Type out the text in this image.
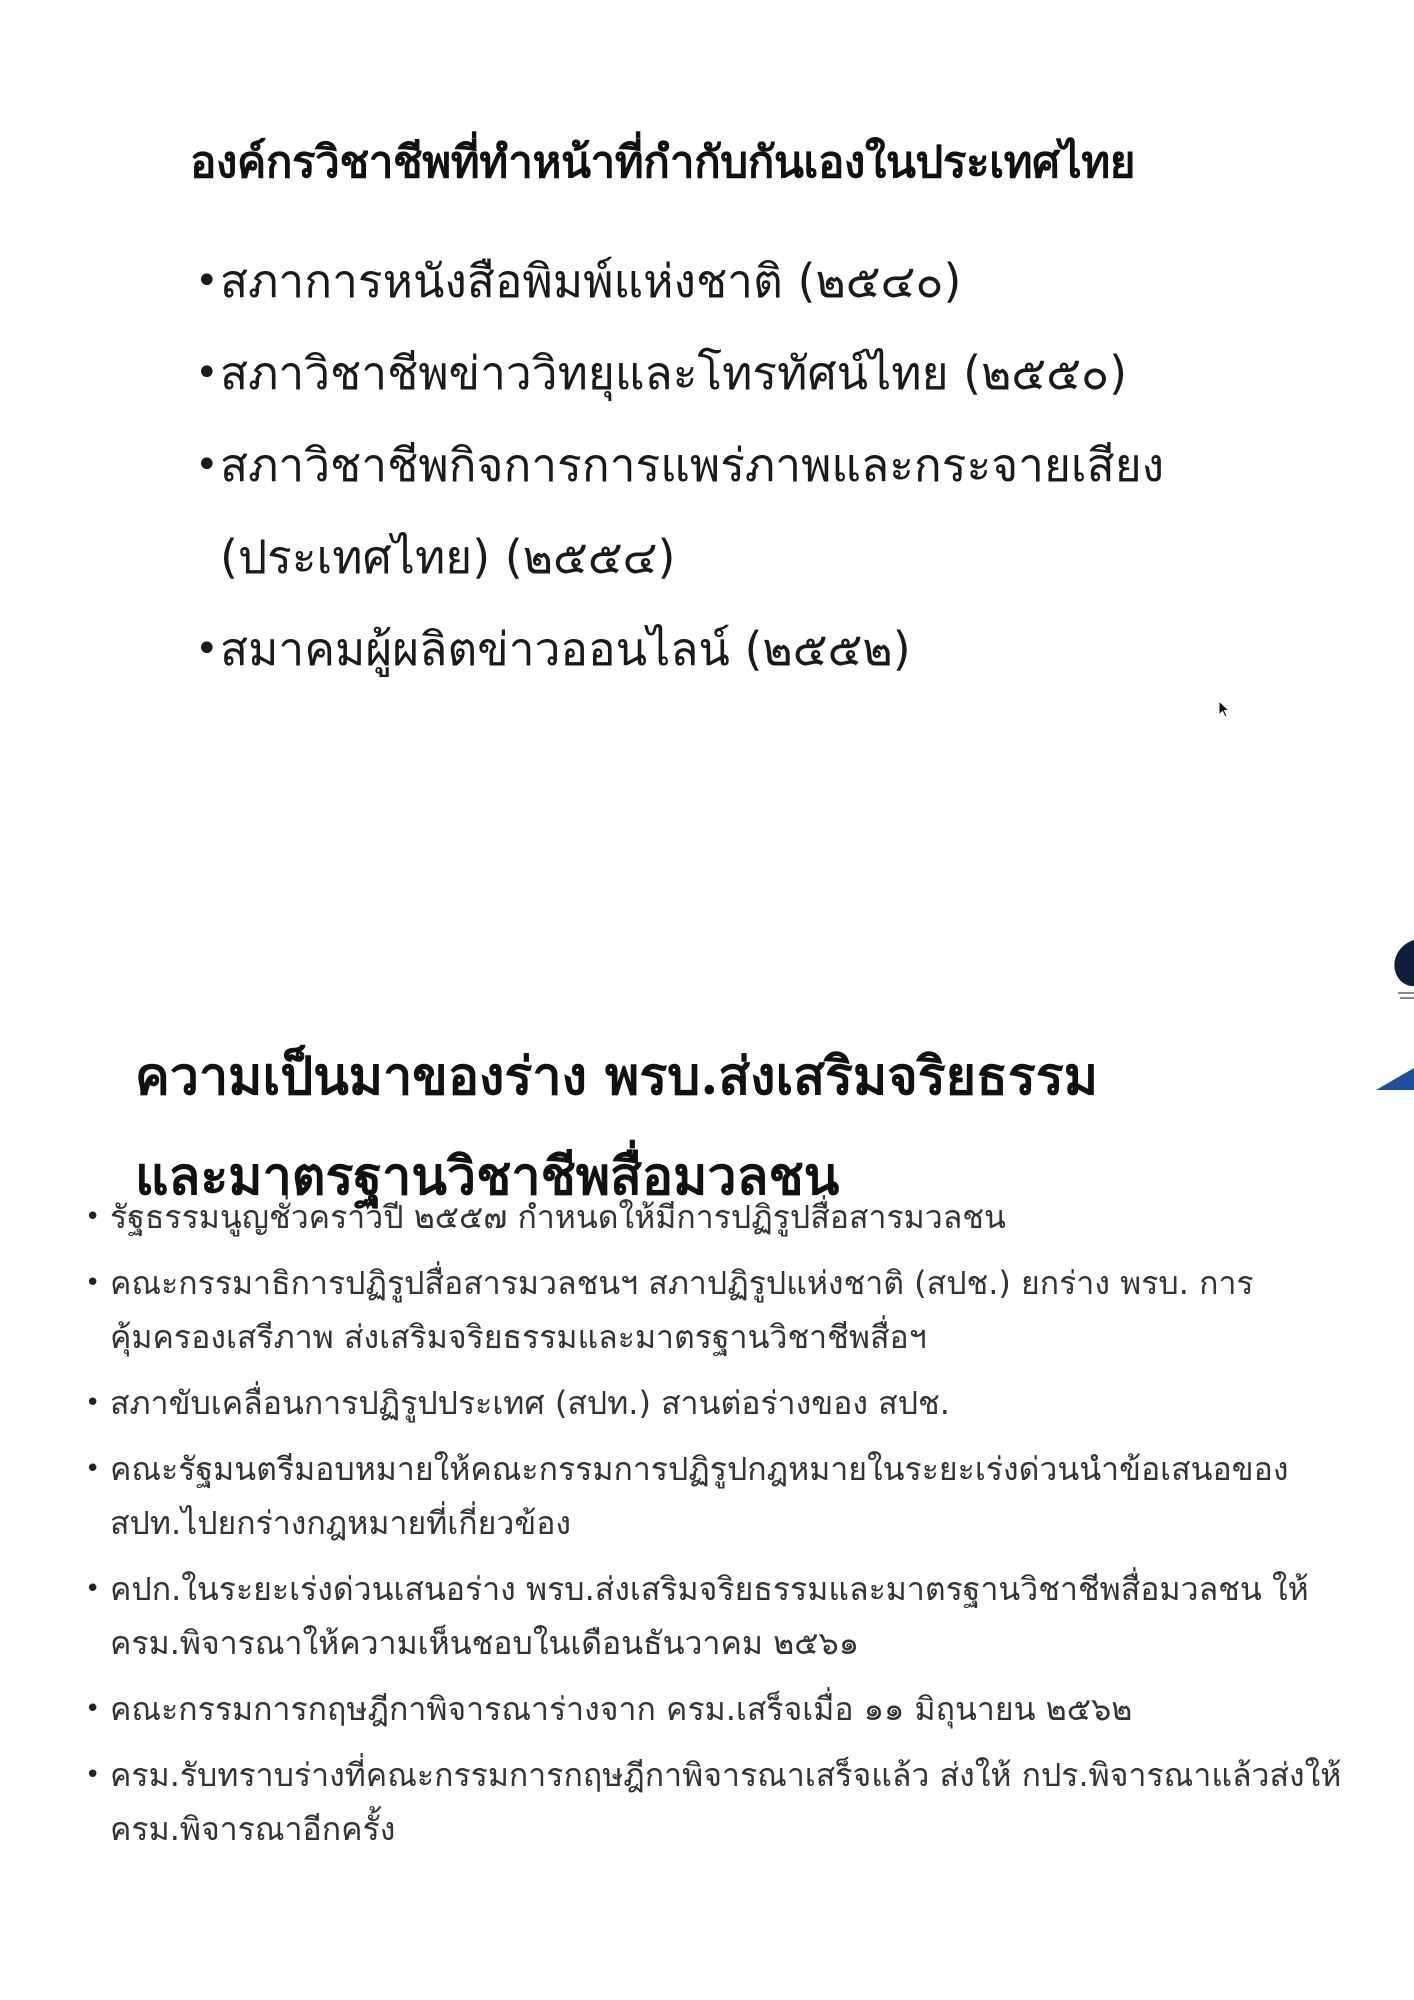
องค์กรวิชาชีพที่ทำหน้าที่กำกับกันเองในประเทศไทย
• สภาการหนังสือพิมพ์แห่งชาติ (๒๕๔๐)
• สภาวิชาชีพข่าววิทยุและโทรทัศน์ไทย (๒๕๕๐)
• สภาวิชาชีพกิจการการแพร่ภาพและกระจายเสียง (ประเทศไทย) (๒๕๕๔)
• สมาคมผู้ผลิตข่าวออนไลน์ (๒๕๕๒)
ความเป็นมาของร่าง พรบ.ส่งเสริมจริยธรรม
และมาตรฐานวิชาชีพสื่อมวลชน
• รัฐธรรมนูญชั่วคราวปี ๒๕๕๗ กำหนดให้มีการปฏิรูปสื่อสารมวลชน
• คณะกรรมาธิการปฏิรูปสื่อสารมวลชนฯ สภาปฏิรูปแห่งชาติ (สปช.) ยกร่าง พรบ. การคุ้มครองเสรีภาพ ส่งเสริมจริยธรรมและมาตรฐานวิชาชีพสื่อฯ
• สภาขับเคลื่อนการปฏิรูปประเทศ (สปท.) สานต่อร่างของ สปช.
• คณะรัฐมนตรีมอบหมายให้คณะกรรมการปฏิรูปกฎหมายในระยะเร่งด่วนนำข้อเสนอของ สปท.ไปยกร่างกฎหมายที่เกี่ยวข้อง
• คปก.ในระยะเร่งด่วนเสนอร่าง พรบ.ส่งเสริมจริยธรรมและมาตรฐานวิชาชีพสื่อมวลชน ให้ ครม.พิจารณาให้ความเห็นชอบในเดือนธันวาคม ๒๕๖๑
• คณะกรรมการกฤษฎีกาพิจารณาร่างจาก ครม.เสร็จเมื่อ ๑๑ มิถุนายน ๒๕๖๒
• ครม.รับทราบร่างที่คณะกรรมการกฤษฎีกาพิจารณาเสร็จแล้ว ส่งให้ กปร.พิจารณาแล้วส่งให้ ครม.พิจารณาอีกครั้ง
